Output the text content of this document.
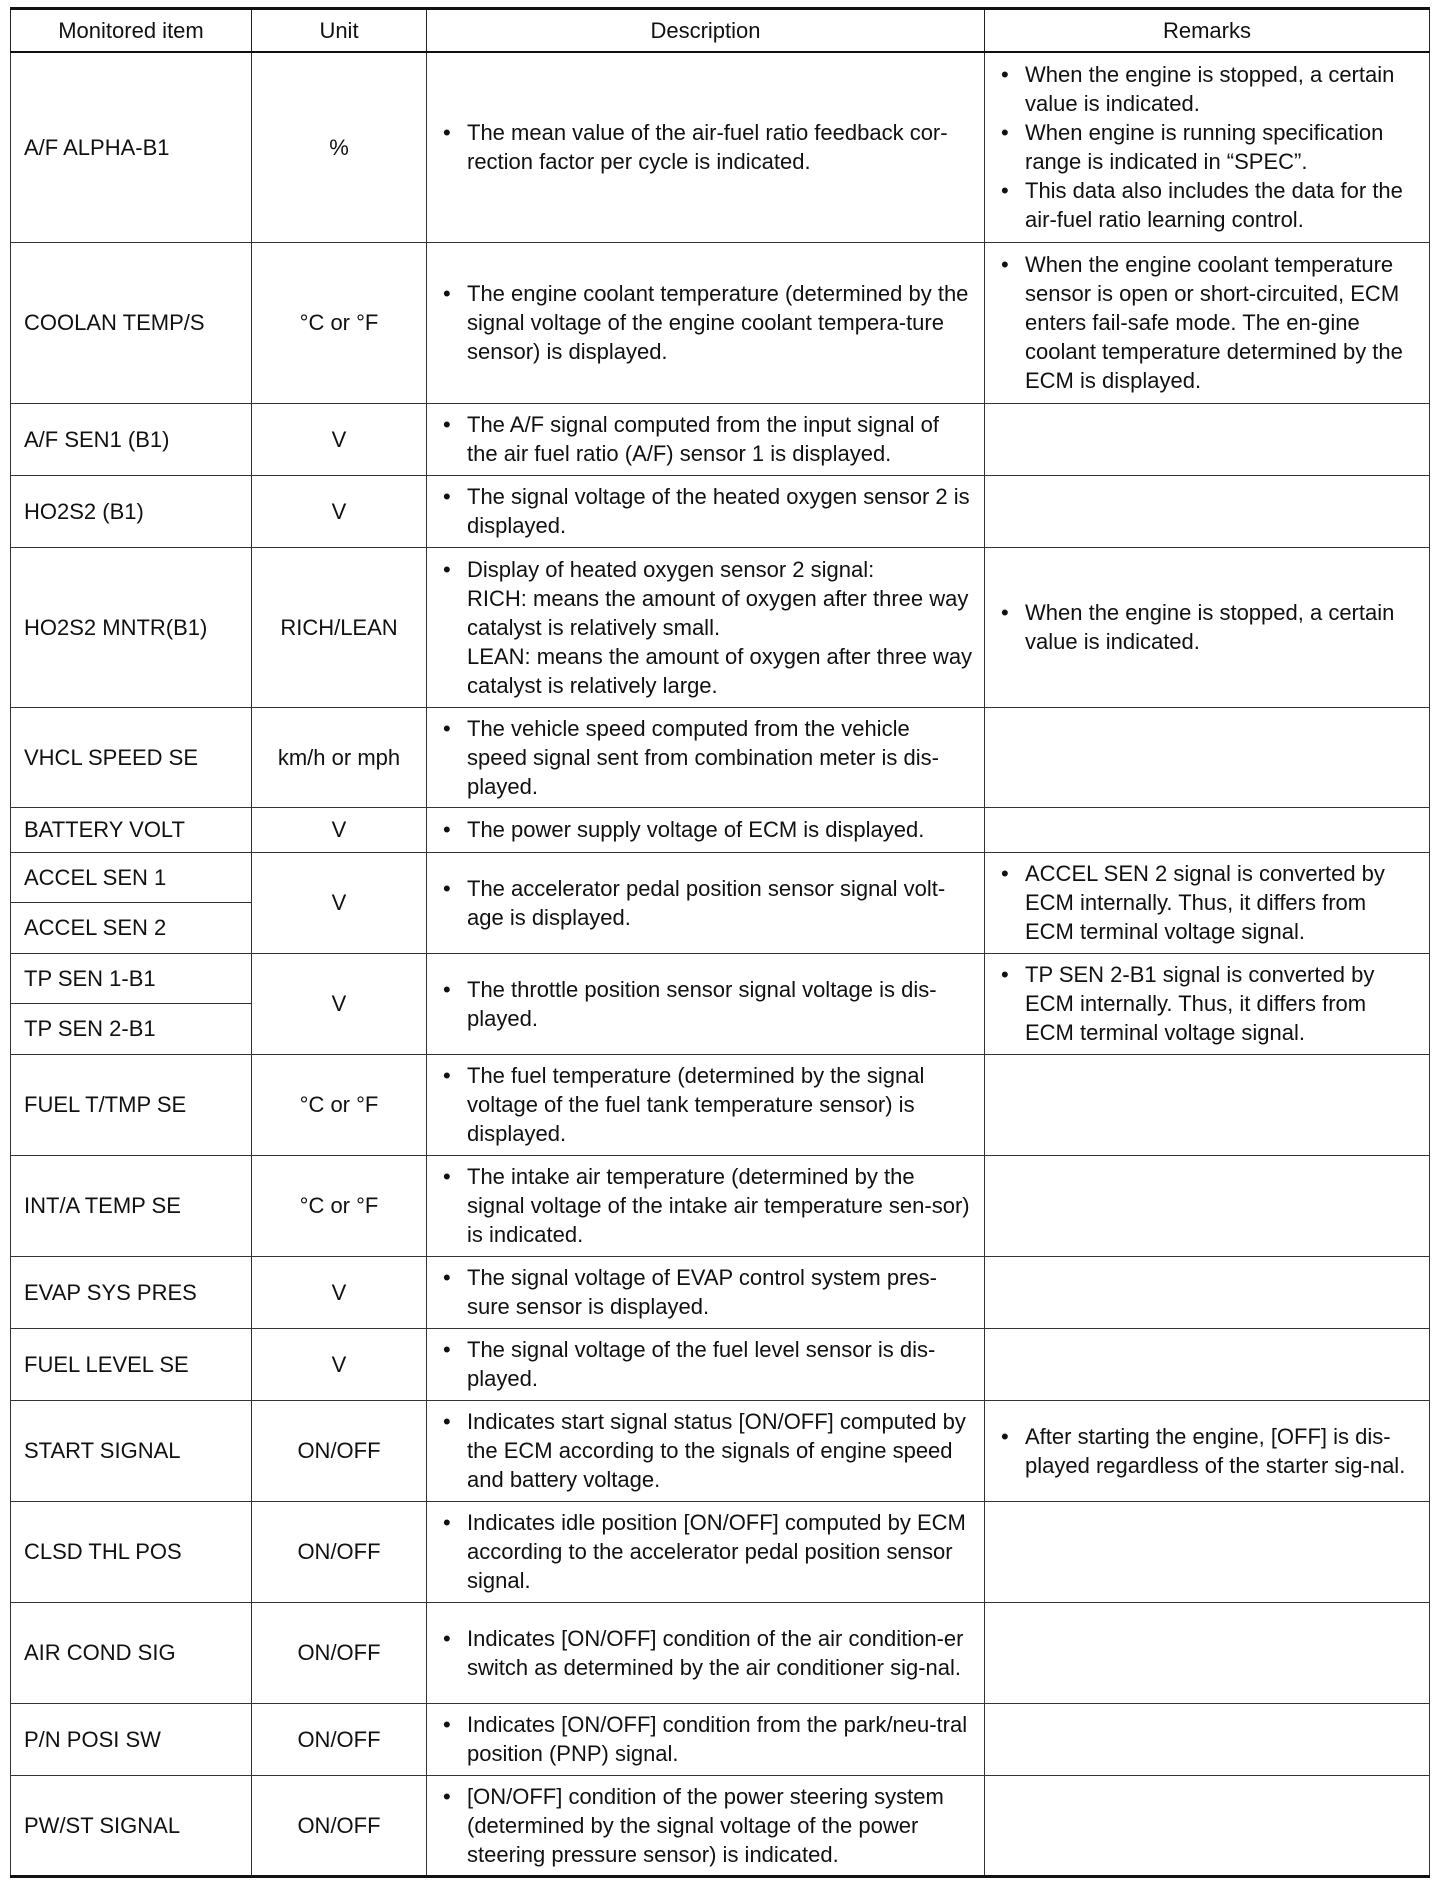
Monitored item	Unit	Description	Remarks
A/F ALPHA-B1	%	• The mean value of the air-fuel ratio feedback cor-rection factor per cycle is indicated.	• When the engine is stopped, a certain value is indicated.
• When engine is running specification range is indicated in “SPEC”.
• This data also includes the data for the air-fuel ratio learning control.

COOLAN TEMP/S	°C or °F	• The engine coolant temperature (determined by the signal voltage of the engine coolant tempera-ture sensor) is displayed.	• When the engine coolant temperature sensor is open or short-circuited, ECM enters fail-safe mode. The en-gine coolant temperature determined by the ECM is displayed.

A/F SEN1 (B1)	V	• The A/F signal computed from the input signal of the air fuel ratio (A/F) sensor 1 is displayed.

HO2S2 (B1)	V	• The signal voltage of the heated oxygen sensor 2 is displayed.

HO2S2 MNTR(B1)	RICH/LEAN	• Display of heated oxygen sensor 2 signal:
RICH: means the amount of oxygen after three way catalyst is relatively small.
LEAN: means the amount of oxygen after three way catalyst is relatively large.	• When the engine is stopped, a certain value is indicated.

VHCL SPEED SE	km/h or mph	• The vehicle speed computed from the vehicle speed signal sent from combination meter is dis-played.

BATTERY VOLT	V	• The power supply voltage of ECM is displayed.

ACCEL SEN 1	V	• The accelerator pedal position sensor signal volt-age is displayed.	• ACCEL SEN 2 signal is converted by ECM internally. Thus, it differs from ECM terminal voltage signal.

ACCEL SEN 2			
TP SEN 1-B1	V	• The throttle position sensor signal voltage is dis-played.	• TP SEN 2-B1 signal is converted by ECM internally. Thus, it differs from ECM terminal voltage signal.

TP SEN 2-B1			
FUEL T/TMP SE	°C or °F	• The fuel temperature (determined by the signal voltage of the fuel tank temperature sensor) is displayed.

INT/A TEMP SE	°C or °F	• The intake air temperature (determined by the signal voltage of the intake air temperature sen-sor) is indicated.

EVAP SYS PRES	V	• The signal voltage of EVAP control system pres-sure sensor is displayed.

FUEL LEVEL SE	V	• The signal voltage of the fuel level sensor is dis-played.

START SIGNAL	ON/OFF	• Indicates start signal status [ON/OFF] computed by the ECM according to the signals of engine speed and battery voltage.	• After starting the engine, [OFF] is dis-played regardless of the starter sig-nal.

CLSD THL POS	ON/OFF	• Indicates idle position [ON/OFF] computed by ECM according to the accelerator pedal position sensor signal.

AIR COND SIG	ON/OFF	• Indicates [ON/OFF] condition of the air condition-er switch as determined by the air conditioner sig-nal.

P/N POSI SW	ON/OFF	• Indicates [ON/OFF] condition from the park/neu-tral position (PNP) signal.

PW/ST SIGNAL	ON/OFF	• [ON/OFF] condition of the power steering system (determined by the signal voltage of the power steering pressure sensor) is indicated.
